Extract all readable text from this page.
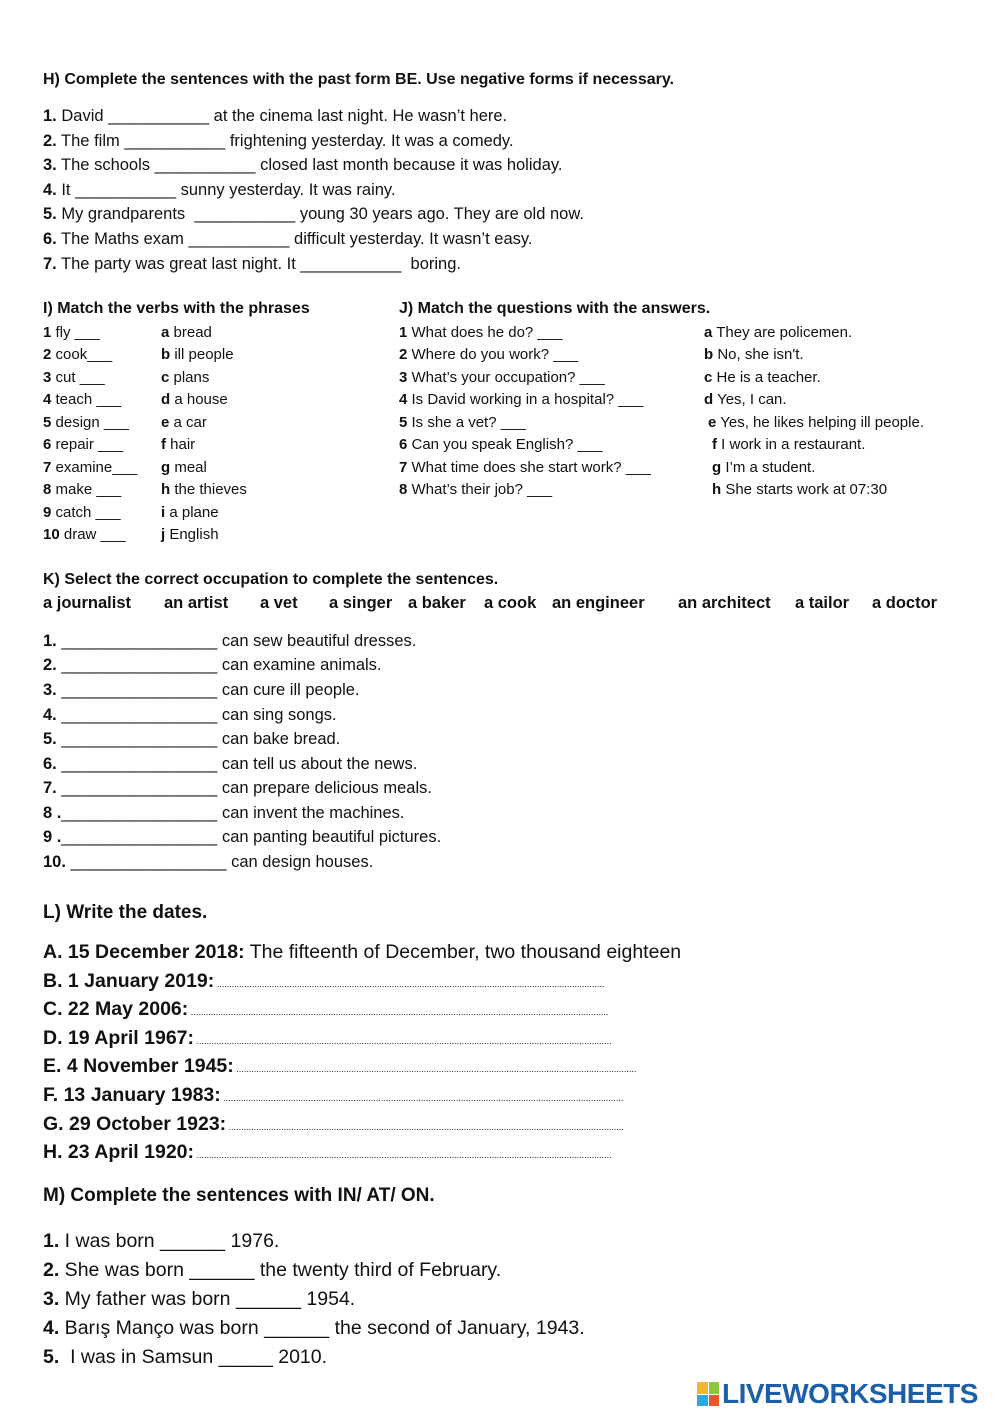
H) Complete the sentences with the past form BE. Use negative forms if necessary.
1. David ___________ at the cinema last night. He wasn’t here.
2. The film ___________ frightening yesterday. It was a comedy.
3. The schools ___________ closed last month because it was holiday.
4. It ___________ sunny yesterday. It was rainy.
5. My grandparents  ___________ young 30 years ago. They are old now.
6. The Maths exam ___________ difficult yesterday. It wasn’t easy.
7. The party was great last night. It ___________  boring.
I) Match the verbs with the phrases
1 fly ___
2 cook___
3 cut ___
4 teach ___
5 design ___
6 repair ___
7 examine___
8 make ___
9 catch ___
10 draw ___
a bread
b ill people
c plans
d a house
e a car
f hair
g meal
h the thieves
i a plane
j English
J) Match the questions with the answers.
1 What does he do? ___
2 Where do you work? ___
3 What’s your occupation? ___
4 Is David working in a hospital? ___
5 Is she a vet? ___
6 Can you speak English? ___
7 What time does she start work? ___
8 What’s their job? ___
a They are policemen.
b No, she isn't.
c He is a teacher.
d Yes, I can.
e Yes, he likes helping ill people.
f I work in a restaurant.
g I’m a student.
h She starts work at 07:30
K) Select the correct occupation to complete the sentences.
a journalist an artist a vet a singer a baker a cook an engineer an architect a tailor a doctor
1. _________________ can sew beautiful dresses.
2. _________________ can examine animals.
3. _________________ can cure ill people.
4. _________________ can sing songs.
5. _________________ can bake bread.
6. _________________ can tell us about the news.
7. _________________ can prepare delicious meals.
8 ._________________ can invent the machines.
9 ._________________ can panting beautiful pictures.
10. _________________ can design houses.
L) Write the dates.
A. 15 December 2018: The fifteenth of December, two thousand eighteen
B. 1 January 2019: ...........................................................................................................................................................
C. 22 May 2006: .......................................................................................................................................................................
D. 19 April 1967: ......................................................................................................................................................................
E. 4 November 1945: ................................................................................................................................................................
F. 13 January 1983: ................................................................................................................................................................
G. 29 October 1923: ..............................................................................................................................................................
H. 23 April 1920: ......................................................................................................................................................................
M) Complete the sentences with IN/ AT/ ON.
1. I was born ______ 1976.
2. She was born ______ the twenty third of February.
3. My father was born ______ 1954.
4. Barış Manço was born ______ the second of January, 1943.
5.  I was in Samsun _____ 2010.
LIVEWORKSHEETS
